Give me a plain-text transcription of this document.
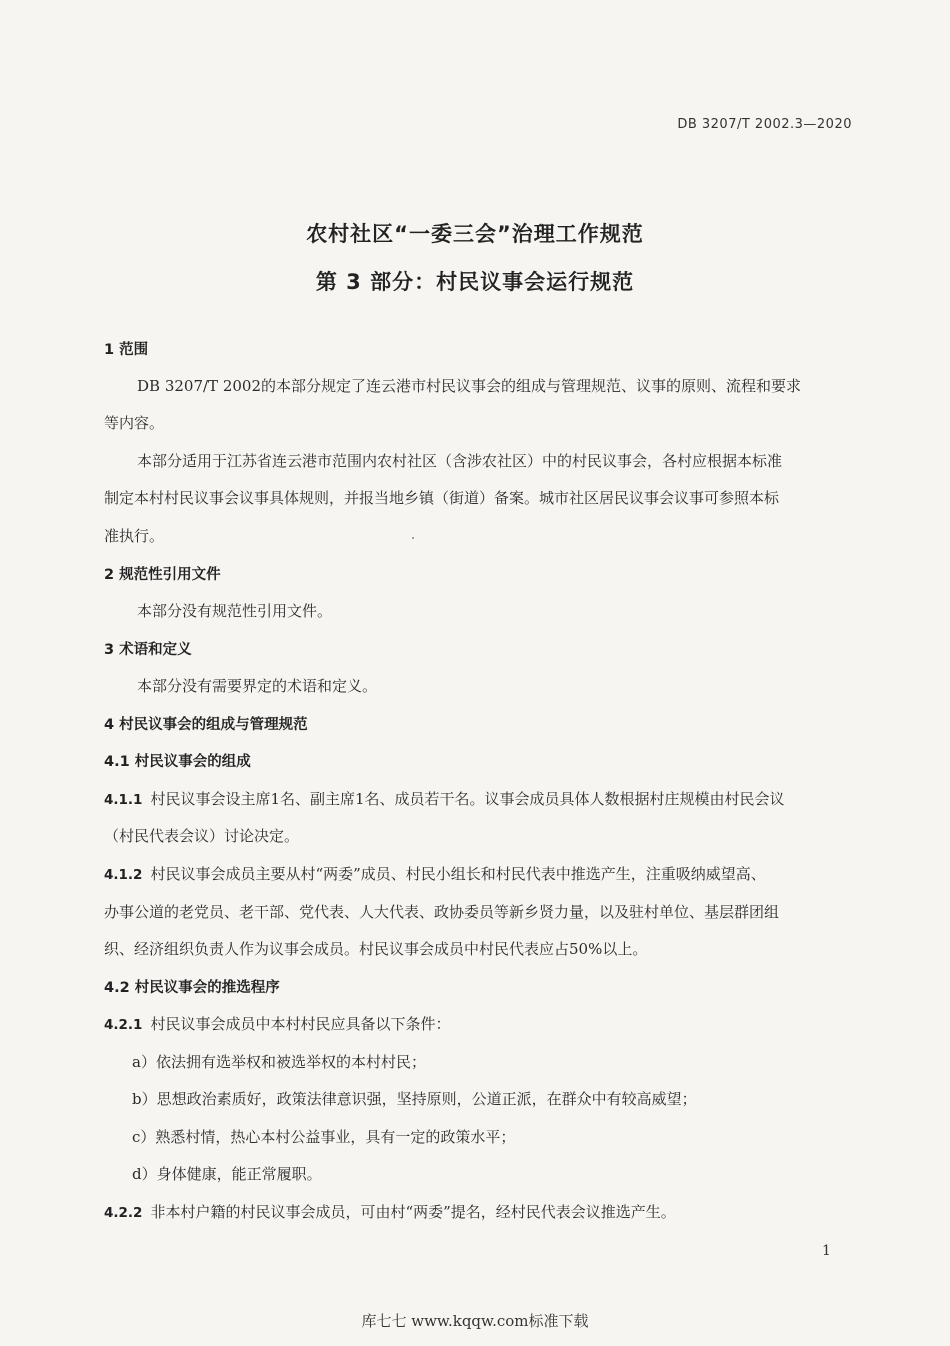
DB 3207/T 2002.3—2020
农村社区“一委三会”治理工作规范
第 3 部分：村民议事会运行规范
1 范围
DB 3207/T 2002的本部分规定了连云港市村民议事会的组成与管理规范、议事的原则、流程和要求
等内容。
本部分适用于江苏省连云港市范围内农村社区（含涉农社区）中的村民议事会，各村应根据本标准
制定本村村民议事会议事具体规则，并报当地乡镇（街道）备案。城市社区居民议事会议事可参照本标
准执行。
2 规范性引用文件
本部分没有规范性引用文件。
3 术语和定义
本部分没有需要界定的术语和定义。
4 村民议事会的组成与管理规范
4.1 村民议事会的组成
4.1.1 村民议事会设主席1名、副主席1名、成员若干名。议事会成员具体人数根据村庄规模由村民会议
（村民代表会议）讨论决定。
4.1.2 村民议事会成员主要从村“两委”成员、村民小组长和村民代表中推选产生，注重吸纳威望高、
办事公道的老党员、老干部、党代表、人大代表、政协委员等新乡贤力量，以及驻村单位、基层群团组
织、经济组织负责人作为议事会成员。村民议事会成员中村民代表应占50%以上。
4.2 村民议事会的推选程序
4.2.1 村民议事会成员中本村村民应具备以下条件：
a）依法拥有选举权和被选举权的本村村民；
b）思想政治素质好，政策法律意识强，坚持原则，公道正派，在群众中有较高威望；
c）熟悉村情，热心本村公益事业，具有一定的政策水平；
d）身体健康，能正常履职。
4.2.2 非本村户籍的村民议事会成员，可由村“两委”提名，经村民代表会议推选产生。
1
库七七 www.kqqw.com标准下载
